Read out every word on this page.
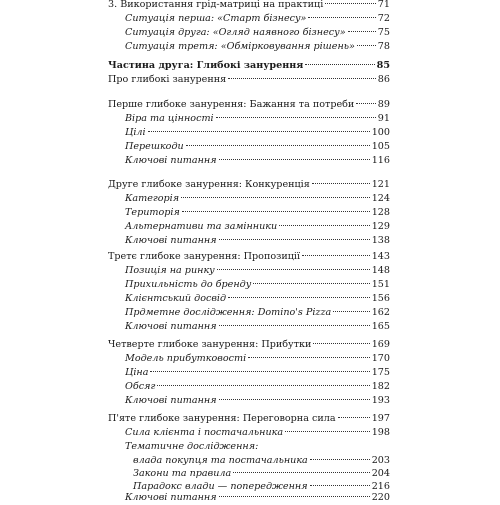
3. Використання грід-матриці на практиці	71
Ситуація перша: «Старт бізнесу»	72
Ситуація друга: «Огляд наявного бізнесу»	75
Ситуація третя: «Обмірковування рішень» 78
Частина друга: Глибокі занурення	85
Про глибокі занурення	86
Перше глибоке занурення: Бажання та потреби 89
Віра та цінності	91
Цілі	100
Перешкоди	105
Ключові питання	116
Друге глибоке занурення: Конкуренція	121
Категорія	124
Територія	128
Альтернативи та замінники	129
Ключові питання	138
Третє глибоке занурення: Пропозиції	143
Позиція на ринку	148
Прихильність до бренду	151
Клієнтський досвід	156
Прдметне дослідження: Domino's Pizza	162
Ключові питання	165
Четверте глибоке занурення: Прибутки	169
Модель прибутковості	170
Ціна	175
Обсяг	182
Ключові питання	193
П'яте глибоке занурення: Переговорна сила	197
Сила клієнта і постачальника	198
Тематичне дослідження:
влада покупця та постачальника	203
Закони та правила	204
Парадокс влади — попередження	216
Ключові питання	220
